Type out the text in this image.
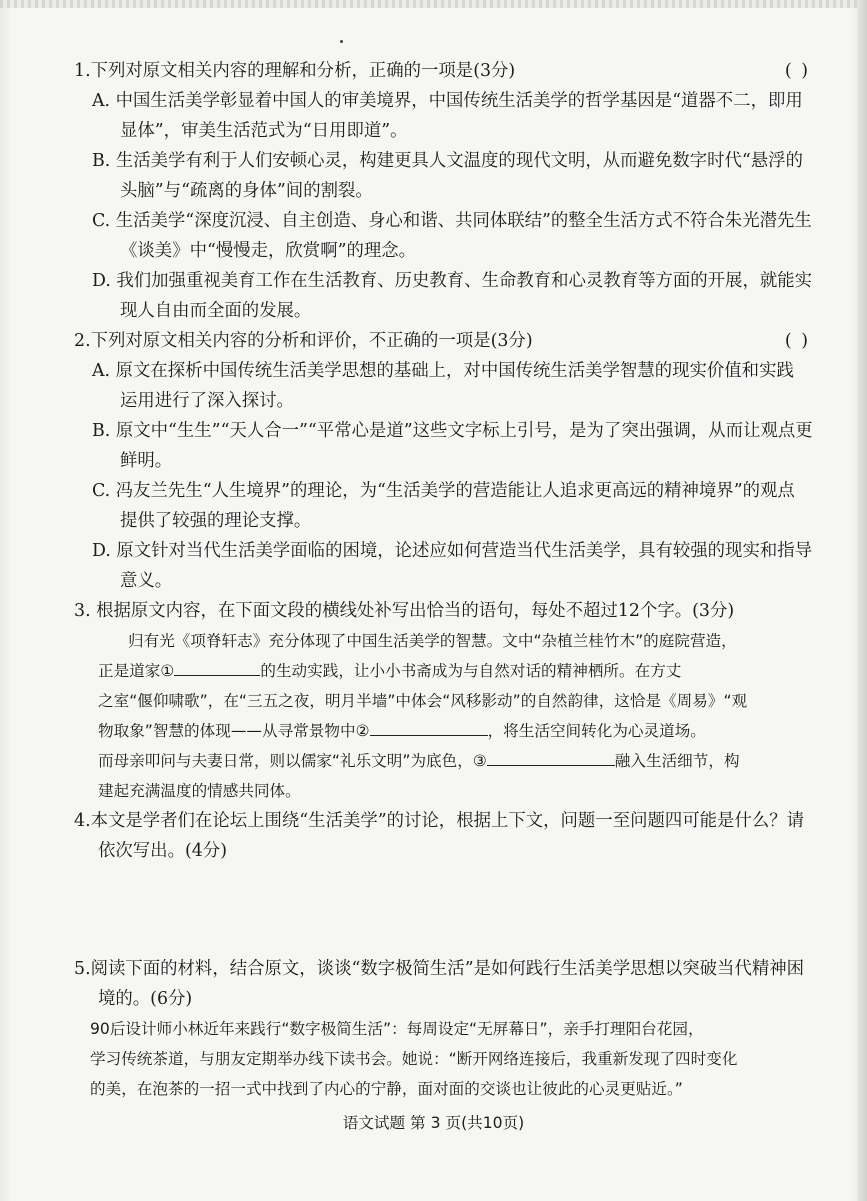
1.下列对原文相关内容的理解和分析，正确的一项是(3分)	( )
A. 中国生活美学彰显着中国人的审美境界，中国传统生活美学的哲学基因是“道器不二，即用
显体”，审美生活范式为“日用即道”。
B. 生活美学有利于人们安顿心灵，构建更具人文温度的现代文明，从而避免数字时代“悬浮的
头脑”与“疏离的身体”间的割裂。
C. 生活美学“深度沉浸、自主创造、身心和谐、共同体联结”的整全生活方式不符合朱光潜先生
《谈美》中“慢慢走，欣赏啊”的理念。
D. 我们加强重视美育工作在生活教育、历史教育、生命教育和心灵教育等方面的开展，就能实
现人自由而全面的发展。
2.下列对原文相关内容的分析和评价，不正确的一项是(3分)	( )
A. 原文在探析中国传统生活美学思想的基础上，对中国传统生活美学智慧的现实价值和实践
运用进行了深入探讨。
B. 原文中“生生”“天人合一”“平常心是道”这些文字标上引号，是为了突出强调，从而让观点更
鲜明。
C. 冯友兰先生“人生境界”的理论，为“生活美学的营造能让人追求更高远的精神境界”的观点
提供了较强的理论支撑。
D. 原文针对当代生活美学面临的困境，论述应如何营造当代生活美学，具有较强的现实和指导
意义。
3. 根据原文内容，在下面文段的横线处补写出恰当的语句，每处不超过12个字。(3分)
归有光《项脊轩志》充分体现了中国生活美学的智慧。文中“杂植兰桂竹木”的庭院营造，
正是道家①	的生动实践，让小小书斋成为与自然对话的精神栖所。在方丈
之室“偃仰啸歌”，在“三五之夜，明月半墙”中体会“风移影动”的自然韵律，这恰是《周易》“观
物取象”智慧的体现——从寻常景物中②	，将生活空间转化为心灵道场。
而母亲叩问与夫妻日常，则以儒家“礼乐文明”为底色，③	融入生活细节，构
建起充满温度的情感共同体。
4.本文是学者们在论坛上围绕“生活美学”的讨论，根据上下文，问题一至问题四可能是什么？请
依次写出。(4分)
5.阅读下面的材料，结合原文，谈谈“数字极简生活”是如何践行生活美学思想以突破当代精神困
境的。(6分)
90后设计师小林近年来践行“数字极简生活”：每周设定“无屏幕日”，亲手打理阳台花园，
学习传统茶道，与朋友定期举办线下读书会。她说：“断开网络连接后，我重新发现了四时变化
的美，在泡茶的一招一式中找到了内心的宁静，面对面的交谈也让彼此的心灵更贴近。”
语文试题 第 3 页(共10页)
